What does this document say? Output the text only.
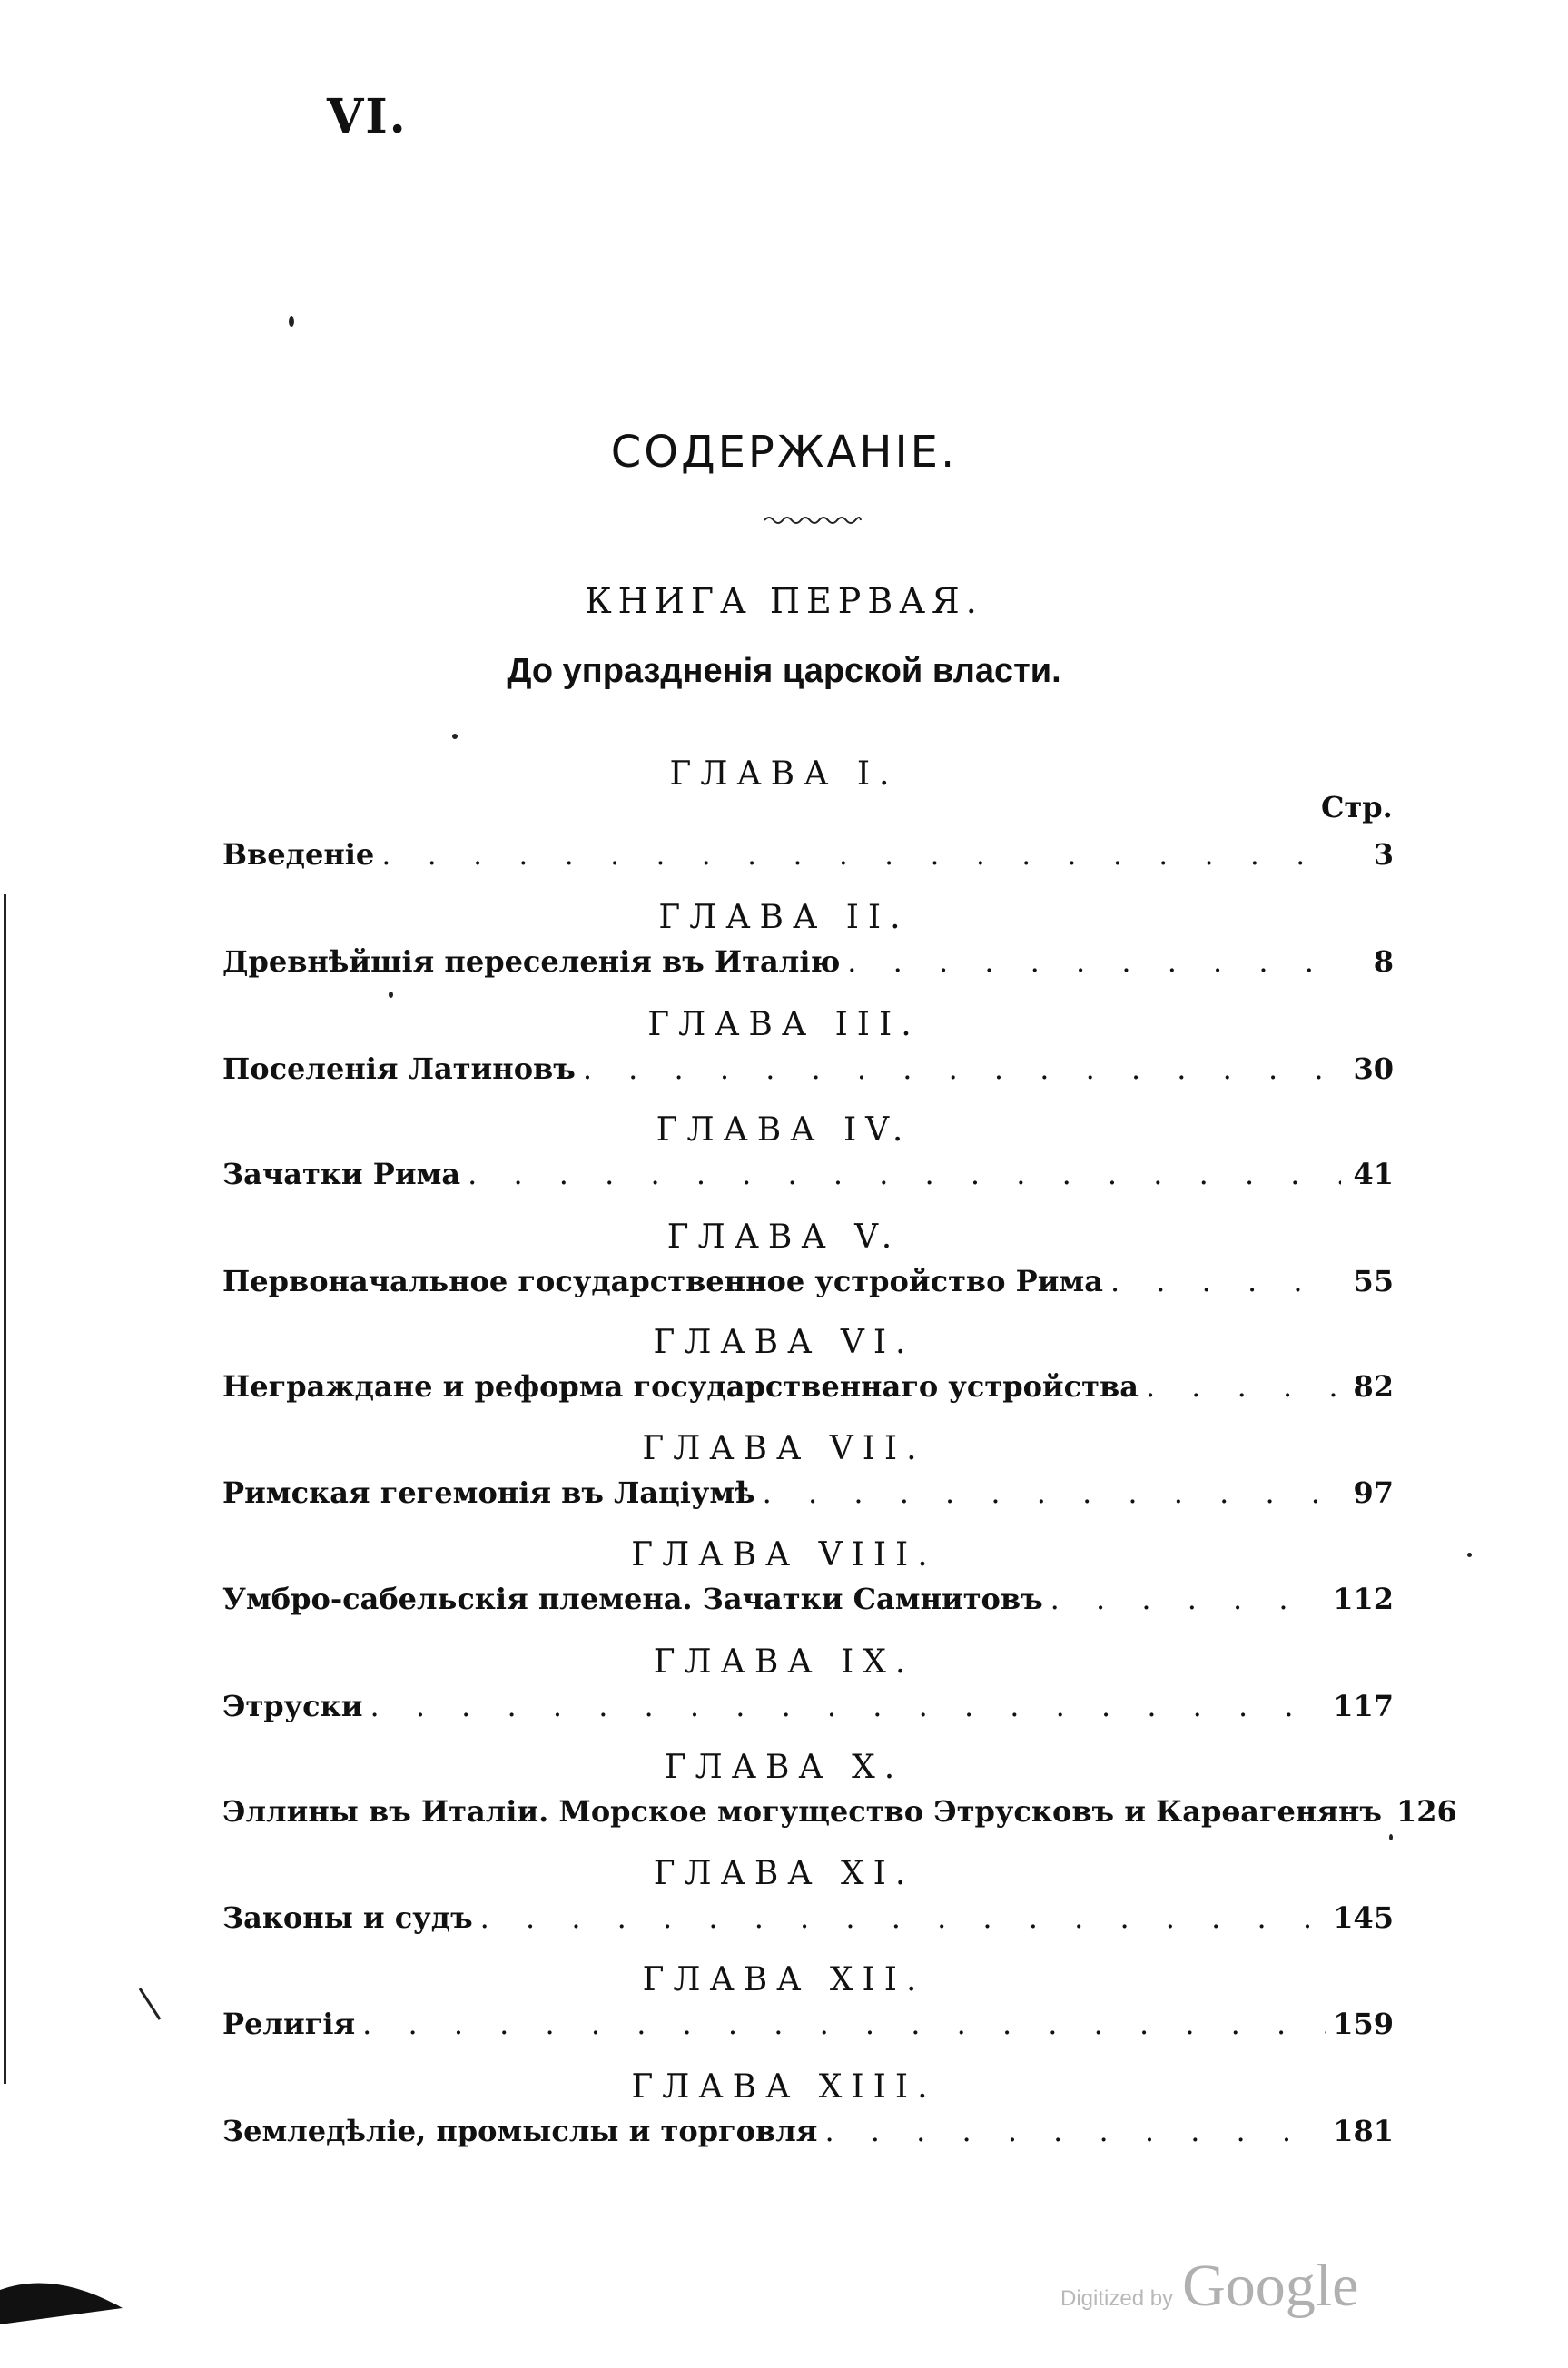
VI.
СОДЕРЖАНІЕ.
КНИГА ПЕРВАЯ.
До упраздненія царской власти.
Стр.
ГЛАВА I.
Введеніе . . .	3
ГЛАВА II.
Древнѣйшія переселенія въ Италію . . .	8
ГЛАВА III.
Поселенія Латиновъ . . .	30
ГЛАВА IV.
Зачатки Рима . . .	41
ГЛАВА V.
Первоначальное государственное устройство Рима . . .	55
ГЛАВА VI.
Неграждане и реформа государственнаго устройства . . .	82
ГЛАВА VII.
Римская гегемонія въ Лаціумѣ . . .	97
ГЛАВА VIII.
Умбро-сабельскія племена. Зачатки Самнитовъ . . .	112
ГЛАВА IX.
Этруски . . .	117
ГЛАВА X.
Эллины въ Италіи. Морское могущество Этрусковъ и Карѳагенянъ 126
ГЛАВА XI.
Законы и судъ . . .	145
ГЛАВА XII.
Религія . . .	159
ГЛАВА XIII.
Земледѣліе, промыслы и торговля . . .	181
Digitized by Google
